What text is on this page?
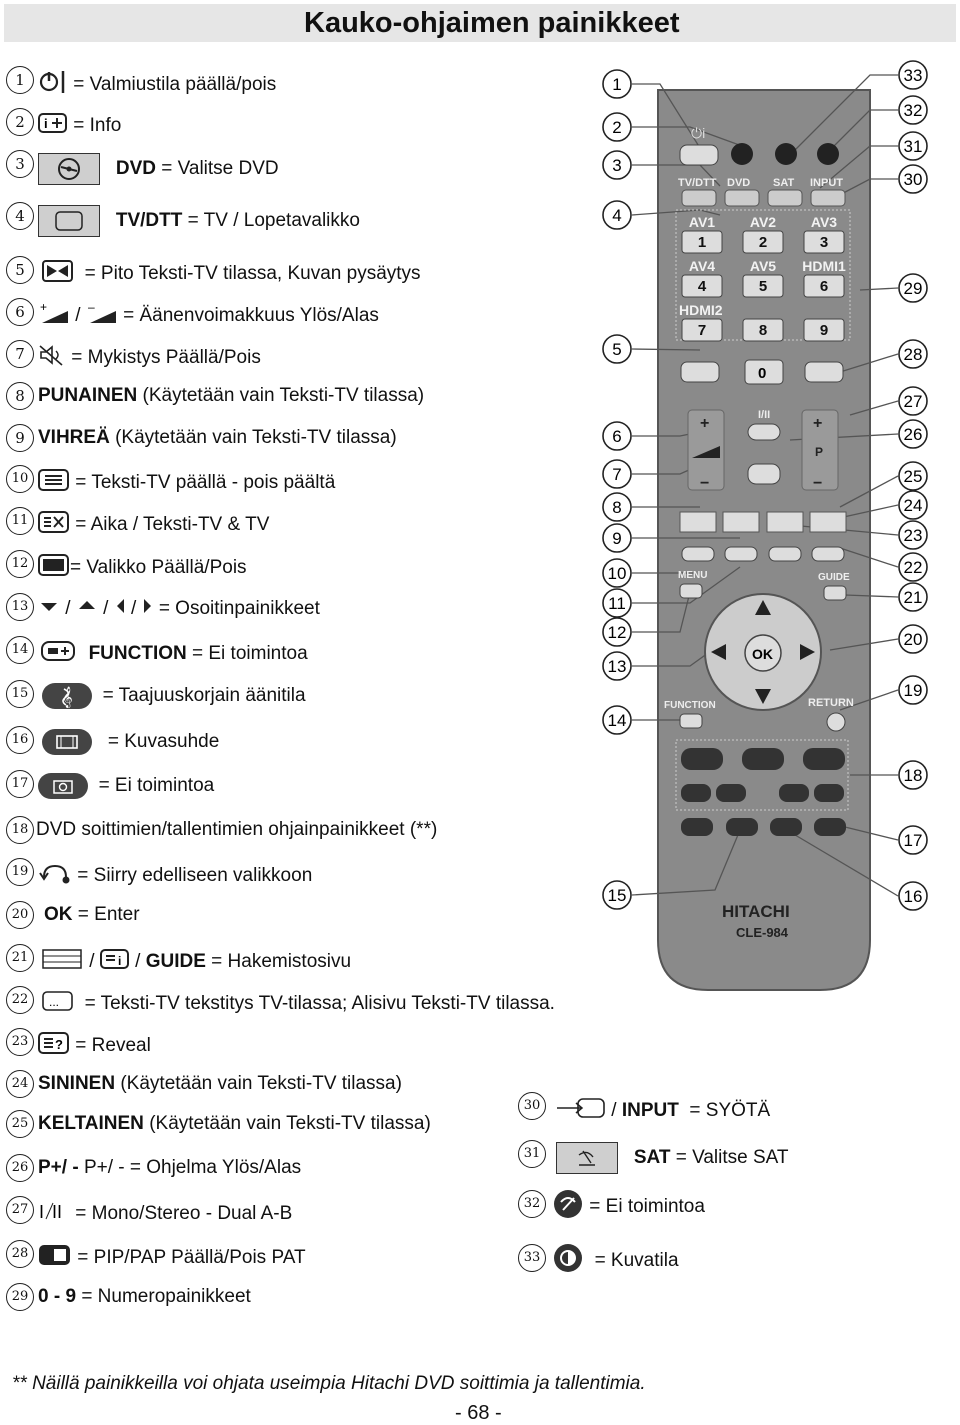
Kauko-ohjaimen painikkeet
1	= Valmiustila päällä/pois
2	i = Info
3	DVD = Valitse DVD
4	TV/DTT = TV / Lopetavalikko
5	= Pito Teksti-TV tilassa, Kuvan pysäytys
6	+ / – = Äänenvoimakkuus Ylös/Alas
7	= Mykistys Päällä/Pois
8 PUNAINEN (Käytetään vain Teksti-TV tilassa)
9 VIHREÄ (Käytetään vain Teksti-TV tilassa)
10	= Teksti-TV päällä - pois päältä
11	= Aika / Teksti-TV & TV
12	= Valikko Päällä/Pois
13	/  /  /  = Osoitinpainikkeet
14	FUNCTION = Ei toimintoa
15	𝄞 = Taajuuskorjain äänitila
16	= Kuvasuhde
17	= Ei toimintoa
18 DVD soittimien/tallentimien ohjainpainikkeet (**)
19	= Siirry edelliseen valikkoon
20 OK = Enter
21	/ i / GUIDE = Hakemistosivu
22	... = Teksti-TV tekstitys TV-tilassa; Alisivu Teksti-TV tilassa.
23	? = Reveal
24 SININEN (Käytetään vain Teksti-TV tilassa)
25 KELTAINEN (Käytetään vain Teksti-TV tilassa)
26 P+/ - P+/ - = Ohjelma Ylös/Alas
27 I II = Mono/Stereo - Dual A-B
28	= PIP/PAP Päällä/Pois PAT
29 0 - 9 = Numeropainikkeet
30	/ INPUT = SYÖTÄ
31	SAT = Valitse SAT
32	= Ei toimintoa
33	= Kuvatila
⏻i
TV/DTT DVD SAT INPUT
AV1 AV2 AV3
1	2	3
AV4 AV5 HDMI1
4	5	6
HDMI2
7	8	9
0
I/II
+
−
+
P
−
MENU	GUIDE
OK
FUNCTION	RETURN
HITACHI
CLE-984
1
2
3
4
5
6
7
8
9
10
11
12
13
14
15
33
32
31
30
29
28
27
26
25
24
23
22
21
20
19
18
17
16
** Näillä painikkeilla voi ohjata useimpia Hitachi DVD soittimia ja tallentimia.
- 68 -
